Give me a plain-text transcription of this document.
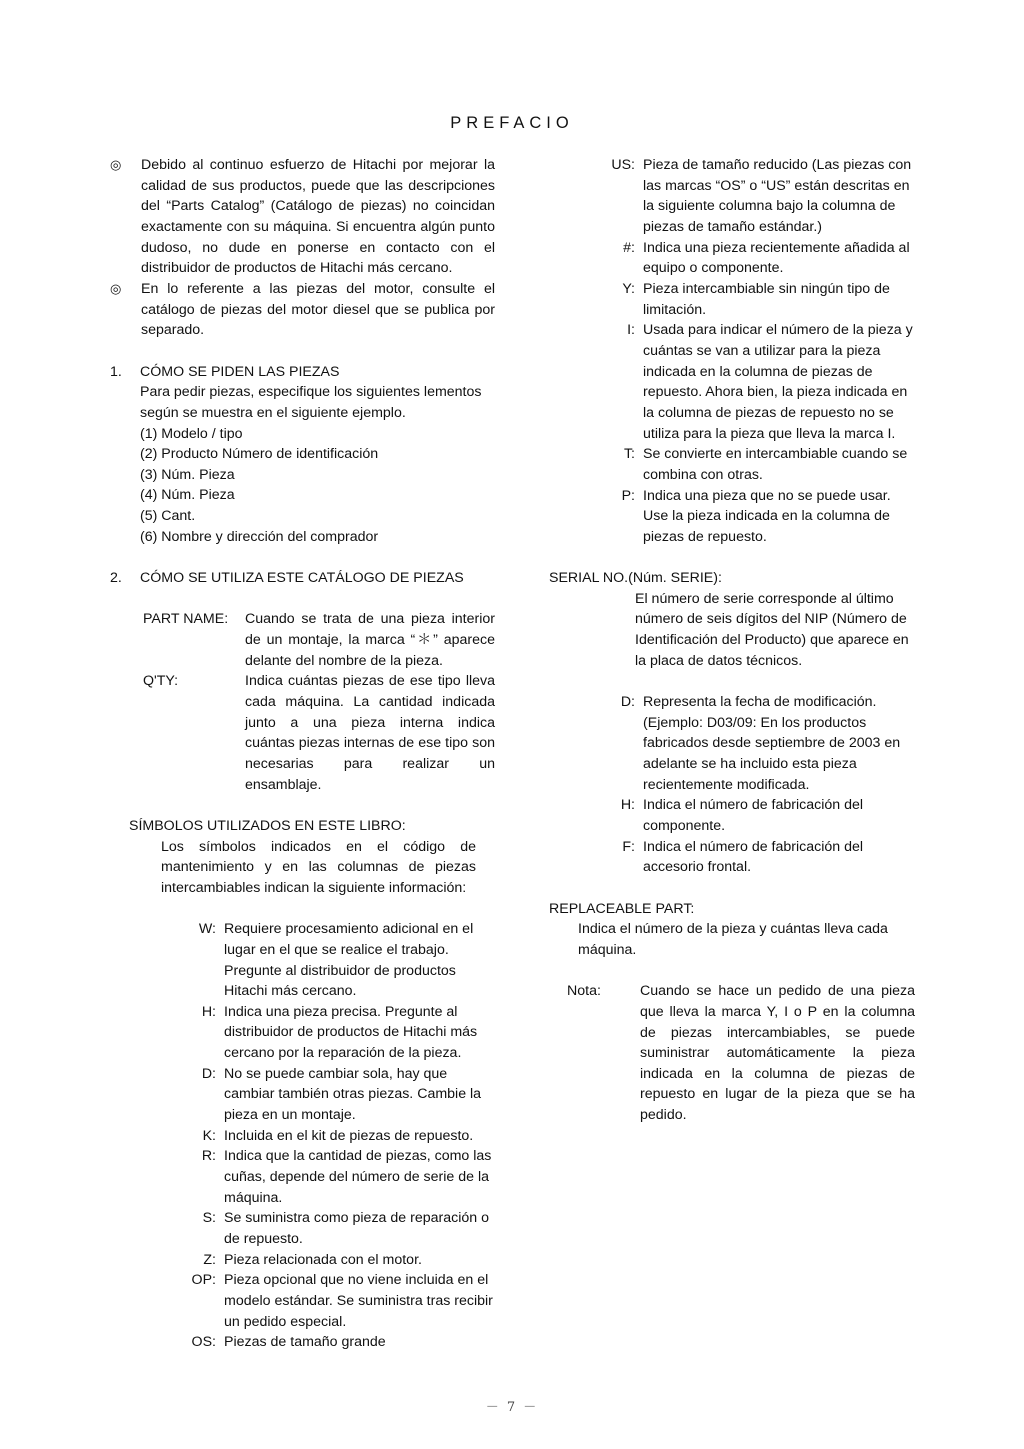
PREFACIO
◎	Debido al continuo esfuerzo de Hitachi por mejorar la calidad de sus productos, puede que las descripciones del “Parts Catalog” (Catálogo de piezas) no coincidan exactamente con su máquina. Si encuentra algún punto dudoso, no dude en ponerse en contacto con el distribuidor de productos de Hitachi más cercano.
◎	En lo referente a las piezas del motor, consulte el catálogo de piezas del motor diesel que se publica por separado.
1.	CÓMO SE PIDEN LAS PIEZAS
Para pedir piezas, especifique los siguientes lementos según se muestra en el siguiente ejemplo.
(1) Modelo / tipo
(2) Producto Número de identificación
(3) Núm. Pieza
(4) Núm. Pieza
(5) Cant.
(6) Nombre y dirección del comprador
2.	CÓMO SE UTILIZA ESTE CATÁLOGO DE PIEZAS
PART NAME:	Cuando se trata de una pieza interior de un montaje, la marca “＊” aparece delante del nombre de la pieza.
Q'TY:	Indica cuántas piezas de ese tipo lleva cada máquina. La cantidad indicada junto a una pieza interna indica cuántas piezas internas de ese tipo son necesarias para realizar un ensamblaje.
SÍMBOLOS UTILIZADOS EN ESTE LIBRO:
Los símbolos indicados en el código de mantenimiento y en las columnas de piezas intercambiables indican la siguiente información:
W: Requiere procesamiento adicional en el lugar en el que se realice el trabajo. Pregunte al distribuidor de productos Hitachi más cercano.
H: Indica una pieza precisa. Pregunte al distribuidor de productos de Hitachi más cercano por la reparación de la pieza.
D: No se puede cambiar sola, hay que cambiar también otras piezas. Cambie la pieza en un montaje.
K: Incluida en el kit de piezas de repuesto.
R: Indica que la cantidad de piezas, como las cuñas, depende del número de serie de la máquina.
S: Se suministra como pieza de reparación o de repuesto.
Z: Pieza relacionada con el motor.
OP: Pieza opcional que no viene incluida en el modelo estándar. Se suministra tras recibir un pedido especial.
OS: Piezas de tamaño grande
US: Pieza de tamaño reducido (Las piezas con las marcas “OS” o “US” están descritas en la siguiente columna bajo la columna de piezas de tamaño estándar.)
#: Indica una pieza recientemente añadida al equipo o componente.
Y: Pieza intercambiable sin ningún tipo de limitación.
I: Usada para indicar el número de la pieza y cuántas se van a utilizar para la pieza indicada en la columna de piezas de repuesto. Ahora bien, la pieza indicada en la columna de piezas de repuesto no se utiliza para la pieza que lleva la marca I.
T: Se convierte en intercambiable cuando se combina con otras.
P: Indica una pieza que no se puede usar. Use la pieza indicada en la columna de piezas de repuesto.
SERIAL NO.(Núm. SERIE):
El número de serie corresponde al último número de seis dígitos del NIP (Número de Identificación del Producto) que aparece en la placa de datos técnicos.
D: Representa la fecha de modificación. (Ejemplo: D03/09: En los productos fabricados desde septiembre de 2003 en adelante se ha incluido esta pieza recientemente modificada.
H: Indica el número de fabricación del componente.
F: Indica el número de fabricación del accesorio frontal.
REPLACEABLE PART:
Indica el número de la pieza y cuántas lleva cada máquina.
Nota:	Cuando se hace un pedido de una pieza que lleva la marca Y, I o P en la columna de piezas intercambiables, se puede suministrar automáticamente la pieza indicada en la columna de piezas de repuesto en lugar de la pieza que se ha pedido.
－ 7 －
